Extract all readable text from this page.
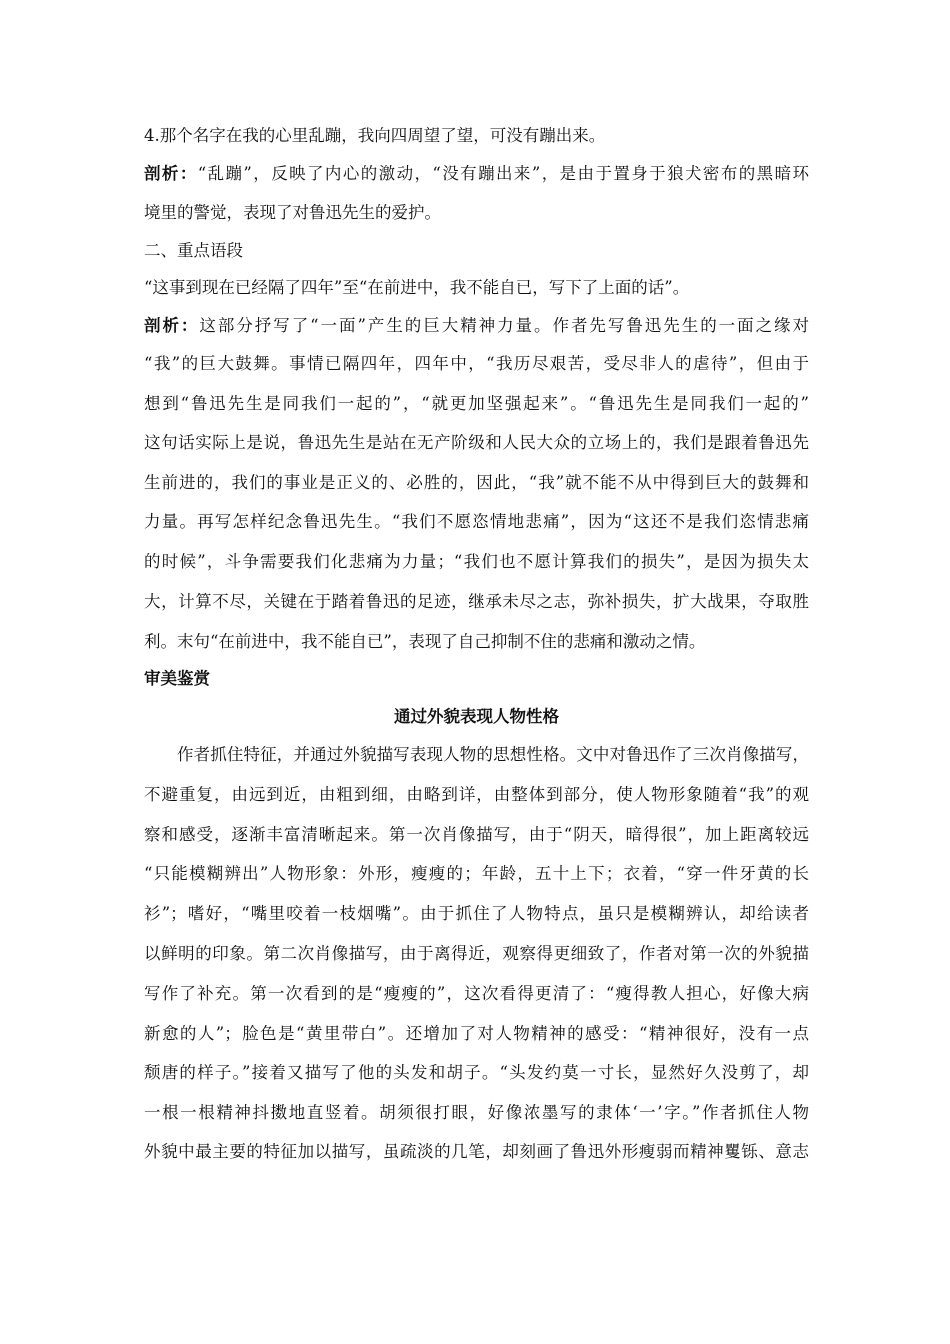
4.那个名字在我的心里乱蹦，我向四周望了望，可没有蹦出来。
剖析：“乱蹦”，反映了内心的激动，“没有蹦出来”，是由于置身于狼犬密布的黑暗环
境里的警觉，表现了对鲁迅先生的爱护。
二、重点语段
“这事到现在已经隔了四年”至“在前进中，我不能自已，写下了上面的话”。
剖析：这部分抒写了“一面”产生的巨大精神力量。作者先写鲁迅先生的一面之缘对
“我”的巨大鼓舞。事情已隔四年，四年中，“我历尽艰苦，受尽非人的虐待”，但由于
想到“鲁迅先生是同我们一起的”，“就更加坚强起来”。“鲁迅先生是同我们一起的”
这句话实际上是说，鲁迅先生是站在无产阶级和人民大众的立场上的，我们是跟着鲁迅先
生前进的，我们的事业是正义的、必胜的，因此，“我”就不能不从中得到巨大的鼓舞和
力量。再写怎样纪念鲁迅先生。“我们不愿恣情地悲痛”，因为“这还不是我们恣情悲痛
的时候”，斗争需要我们化悲痛为力量；“我们也不愿计算我们的损失”，是因为损失太
大，计算不尽，关键在于踏着鲁迅的足迹，继承未尽之志，弥补损失，扩大战果，夺取胜
利。末句“在前进中，我不能自已”，表现了自己抑制不住的悲痛和激动之情。
审美鉴赏
通过外貌表现人物性格
作者抓住特征，并通过外貌描写表现人物的思想性格。文中对鲁迅作了三次肖像描写，
不避重复，由远到近，由粗到细，由略到详，由整体到部分，使人物形象随着“我”的观
察和感受，逐渐丰富清晰起来。第一次肖像描写，由于“阴天，暗得很”，加上距离较远
“只能模糊辨出”人物形象：外形，瘦瘦的；年龄，五十上下；衣着，“穿一件牙黄的长
衫”；嗜好，“嘴里咬着一枝烟嘴”。由于抓住了人物特点，虽只是模糊辨认，却给读者
以鲜明的印象。第二次肖像描写，由于离得近，观察得更细致了，作者对第一次的外貌描
写作了补充。第一次看到的是“瘦瘦的”，这次看得更清了：“瘦得教人担心，好像大病
新愈的人”；脸色是“黄里带白”。还增加了对人物精神的感受：“精神很好，没有一点
颓唐的样子。”接着又描写了他的头发和胡子。“头发约莫一寸长，显然好久没剪了，却
一根一根精神抖擞地直竖着。胡须很打眼，好像浓墨写的隶体‘一’字。”作者抓住人物
外貌中最主要的特征加以描写，虽疏淡的几笔，却刻画了鲁迅外形瘦弱而精神矍铄、意志
